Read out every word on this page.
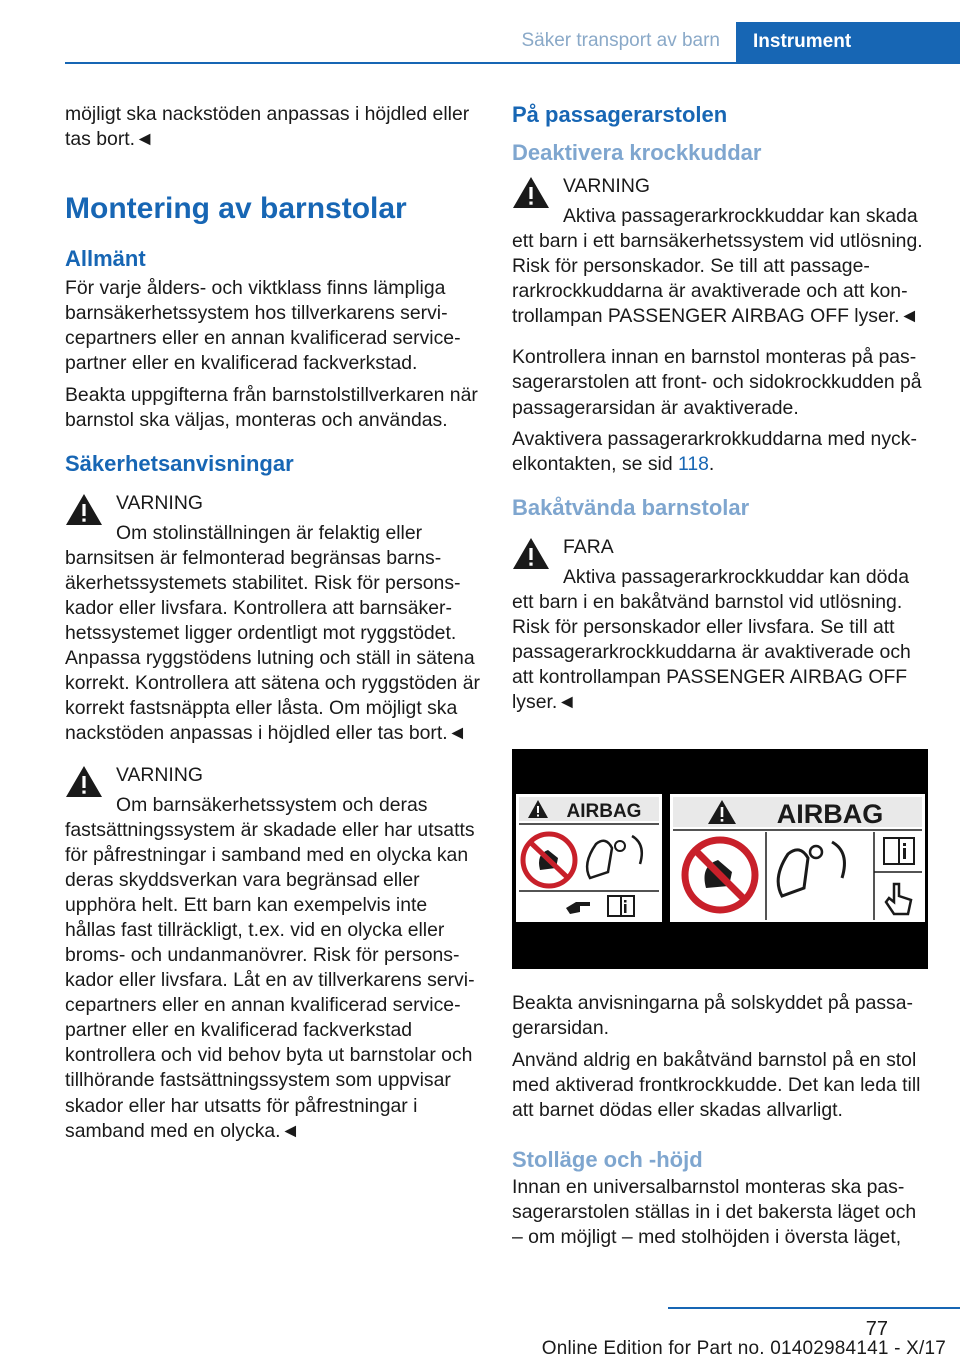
Säker transport av barn	Instrument

möjligt ska nackstöden anpassas i höjdled eller tas bort.◄

Montering av barnstolar
Allmänt

För varje ålders- och viktklass finns lämpliga barnsäkerhetssystem hos tillverkarens servicepartners eller en annan kvalificerad servicepartner eller en kvalificerad fackverkstad.

Beakta uppgifterna från barnstolstillverkaren när barnstol ska väljas, monteras och användas.

Säkerhetsanvisningar
VARNING
Om stolinställningen är felaktig eller
barnsitsen är felmonterad begränsas barnsäkerhetssystemets stabilitet. Risk för personskador eller livsfara. Kontrollera att barnsäkerhetssystemet ligger ordentligt mot ryggstödet. Anpassa ryggstödens lutning och ställ in sätena korrekt. Kontrollera att sätena och ryggstöden är korrekt fastsnäppta eller låsta. Om möjligt ska nackstöden anpassas i höjdled eller tas bort.◄
VARNING
Om barnsäkerhetssystem och deras
fastsättningssystem är skadade eller har utsatts för påfrestningar i samband med en olycka kan deras skyddsverkan vara begränsad eller upphöra helt. Ett barn kan exempelvis inte hållas fast tillräckligt, t.ex. vid en olycka eller broms- och undanmanövrer. Risk för personskador eller livsfara. Låt en av tillverkarens servicepartners eller en annan kvalificerad servicepartner eller en kvalificerad fackverkstad kontrollera och vid behov byta ut barnstolar och tillhörande fastsättningssystem som uppvisar skador eller har utsatts för påfrestningar i samband med en olycka.◄
På passagerarstolen
Deaktivera krockkuddar
VARNING
Aktiva passagerarkrockkuddar kan skada
ett barn i ett barnsäkerhetssystem vid utlösning. Risk för personskador. Se till att passagerarkrockkuddarna är avaktiverade och att kontrollampan PASSENGER AIRBAG OFF lyser.◄

Kontrollera innan en barnstol monteras på passagerarstolen att front- och sidokrockkudden på passagerarsidan är avaktiverade.

Avaktivera passagerarkrokkuddarna med nyckelkontakten, se sid 118.

Bakåtvända barnstolar
FARA
Aktiva passagerarkrockkuddar kan döda
ett barn i en bakåtvänd barnstol vid utlösning. Risk för personskador eller livsfara. Se till att passagerarkrockkuddarna är avaktiverade och att kontrollampan PASSENGER AIRBAG OFF lyser.◄
AIRBAG	AIRBAG

Beakta anvisningarna på solskyddet på passagerarsidan.

Använd aldrig en bakåtvänd barnstol på en stol med aktiverad frontkrockkudde. Det kan leda till att barnet dödas eller skadas allvarligt.

Stolläge och -höjd

Innan en universalbarnstol monteras ska passagerarstolen ställas in i det bakersta läget och – om möjligt – med stolhöjden i översta läget,

77
Online Edition for Part no. 01402984141 - X/17
